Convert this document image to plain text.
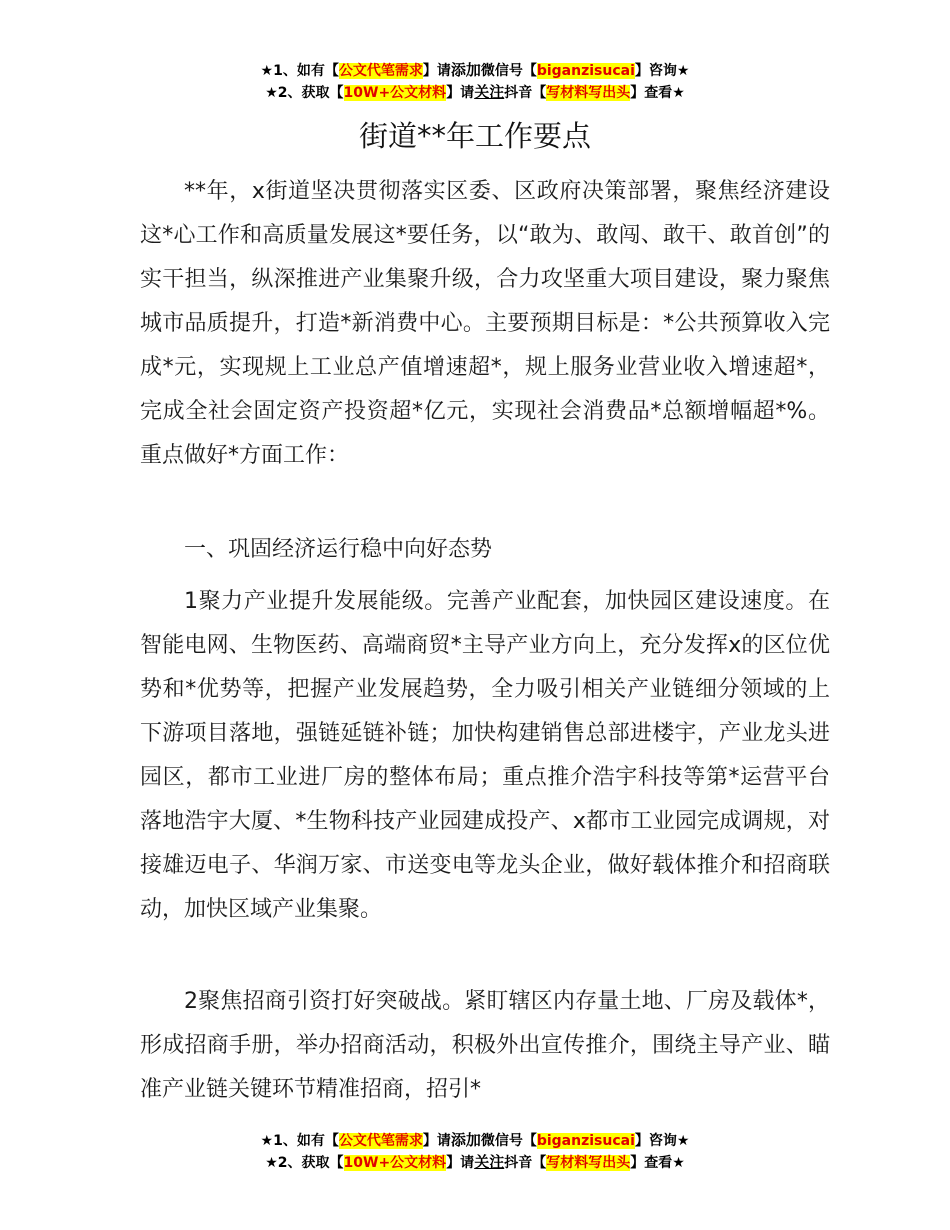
★1、如有【公文代笔需求】请添加微信号【biganzisucai】咨询★
★2、获取【10W+公文材料】请关注抖音【写材料写出头】查看★
街道**年工作要点

**年，x街道坚决贯彻落实区委、区政府决策部署，聚焦经济建设这*心工作和高质量发展这*要任务，以“敢为、敢闯、敢干、敢首创”的实干担当，纵深推进产业集聚升级，合力攻坚重大项目建设，聚力聚焦城市品质提升，打造*新消费中心。主要预期目标是：*公共预算收入完成*元，实现规上工业总产值增速超*，规上服务业营业收入增速超*，完成全社会固定资产投资超*亿元，实现社会消费品*总额增幅超*%。重点做好*方面工作：

一、巩固经济运行稳中向好态势

1聚力产业提升发展能级。完善产业配套，加快园区建设速度。在智能电网、生物医药、高端商贸*主导产业方向上，充分发挥x的区位优势和*优势等，把握产业发展趋势，全力吸引相关产业链细分领域的上下游项目落地，强链延链补链；加快构建销售总部进楼宇，产业龙头进园区，都市工业进厂房的整体布局；重点推介浩宇科技等第*运营平台落地浩宇大厦、*生物科技产业园建成投产、x都市工业园完成调规，对接雄迈电子、华润万家、市送变电等龙头企业，做好载体推介和招商联动，加快区域产业集聚。

2聚焦招商引资打好突破战。紧盯辖区内存量土地、厂房及载体*，形成招商手册，举办招商活动，积极外出宣传推介，围绕主导产业、瞄准产业链关键环节精准招商，招引*

★1、如有【公文代笔需求】请添加微信号【biganzisucai】咨询★
★2、获取【10W+公文材料】请关注抖音【写材料写出头】查看★
